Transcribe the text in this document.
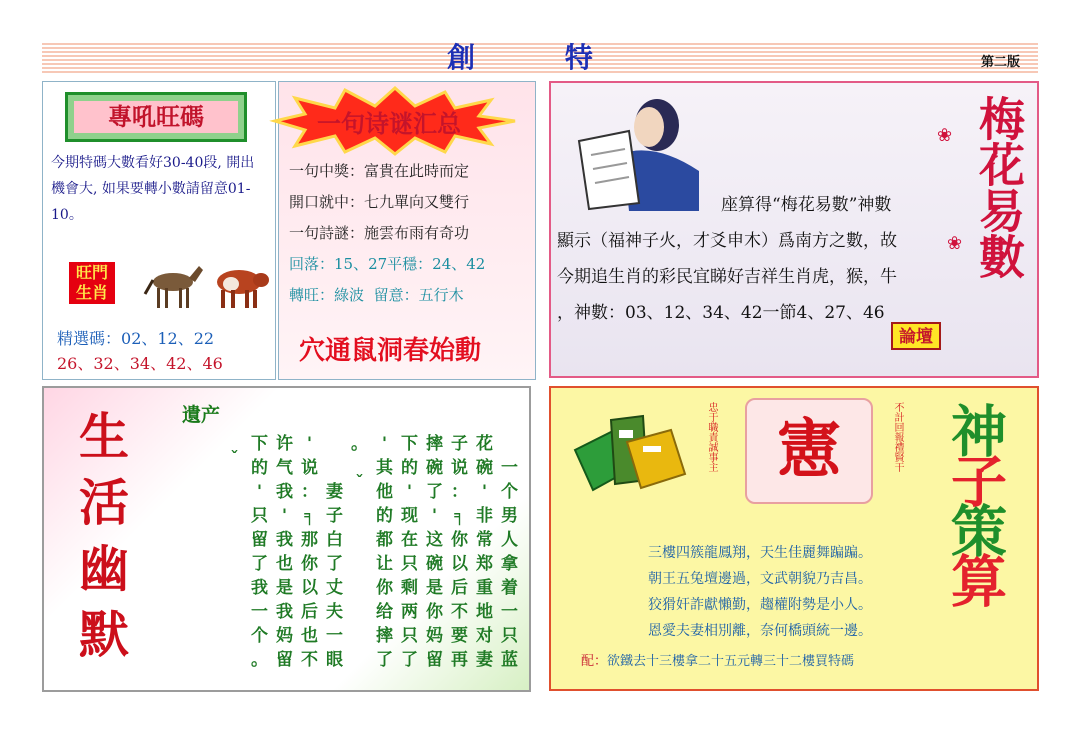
創 特	第二版
專吼旺碼
今期特碼大數看好30-40段, 開出機會大, 如果要轉小數請留意01-10。
旺門
生肖
精選碼：02、12、22
26、32、34、42、46
一句诗谜汇总
一句中獎：富貴在此時而定
開口就中：七九單向又雙行
一句詩謎：施雲布雨有奇功
回落：15、27平穩：24、42
轉旺：綠波 留意：五行木
穴通鼠洞春始動
座算得“梅花易數”神數
顯示（福神子火，才爻申木）爲南方之數，故
今期追生肖的彩民宜睇好吉祥生肖虎，猴，牛
，神數：03、12、34、42一節4、27、46
論壇
❀
❀ 梅花易數
生活幽默	遺产
˯ 下 许 '	。 ' 下 摔 子 花
的 气 说	˯ 其 的 碗 说 碗 一
' 我 ： 妻 他 ' 了 ： ' 个
只 '	╕ 子 的 现 '	╕ 非 男
留 我 那 白 都 在 这 你 常 人
了 也 你 了 让 只 碗 以 郑 拿
我 是 以 丈 你 剩 是 后 重 着
一 我 后 夫 给 两 你 不 地 一
个 妈 也 一 摔 只 妈 要 对 只
。 留 不 眼 了 了 留 再 妻 蓝
忠于職責誠事主 憲	不計回報禮賢干 神子策算
三樓四簇龍鳳翔，天生佳麗舞蹁蹁。
朝王五兔壇邊過，文武朝貌乃吉昌。
狡猾奸詐獻懶勤，趨權附勢是小人。
恩愛夫妻相別離，奈何橋頭統一邊。
配：欲鐵去十三樓拿二十五元轉三十二樓買特碼
